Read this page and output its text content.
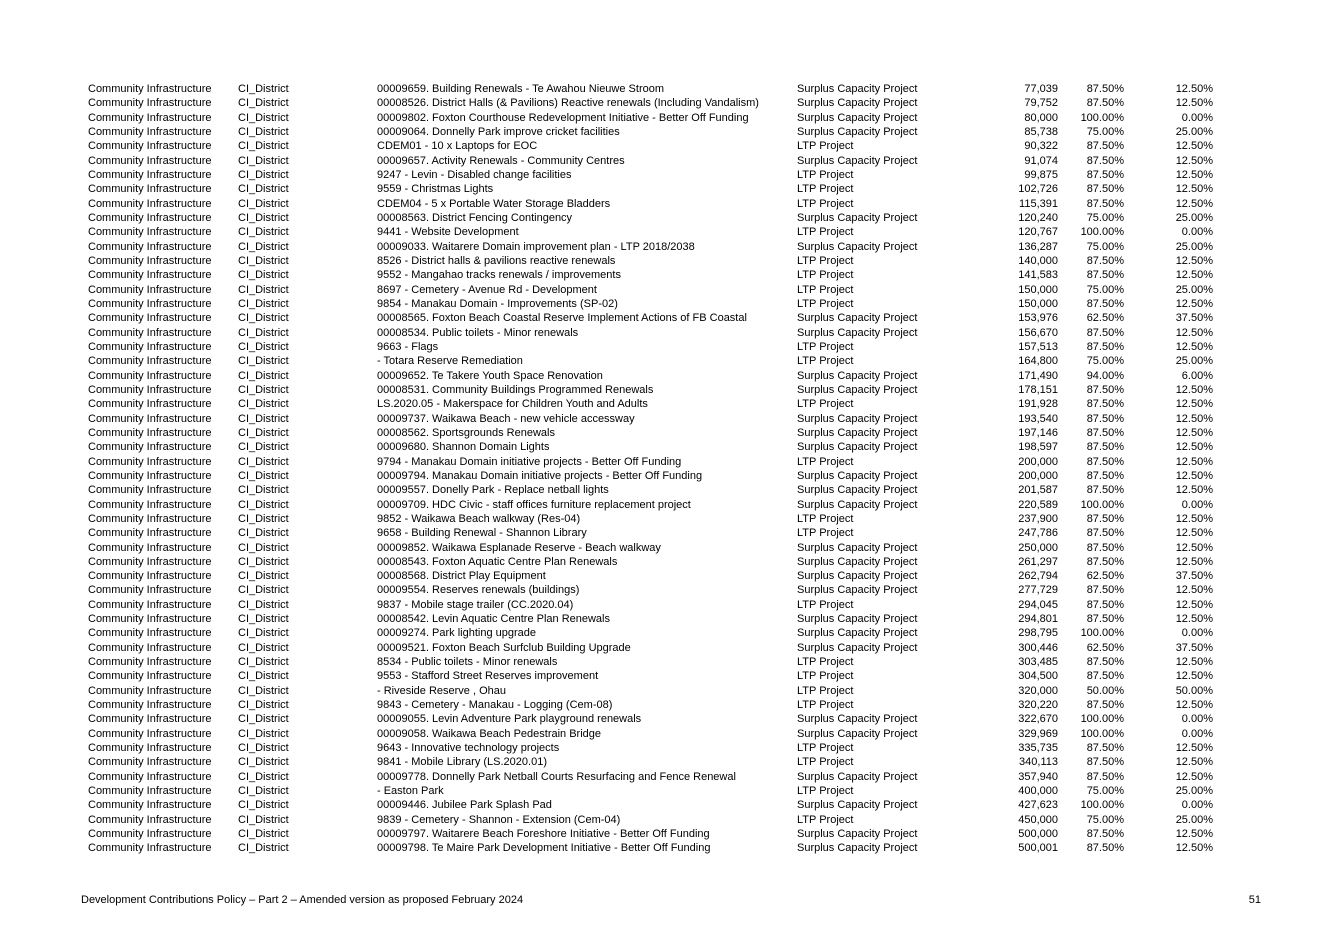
Community Infrastructure CI_District	00009659. Building Renewals - Te Awahou Nieuwe Stroom	Surplus Capacity Project	77,039	87.50%	12.50%
Community Infrastructure CI_District	00008526. District Halls (& Pavilions) Reactive renewals (Including Vandalism)	Surplus Capacity Project	79,752	87.50%	12.50%
Community Infrastructure CI_District	00009802. Foxton Courthouse Redevelopment Initiative - Better Off Funding	Surplus Capacity Project	80,000 100.00%	0.00%
Community Infrastructure CI_District	00009064. Donnelly Park improve cricket facilities	Surplus Capacity Project	85,738	75.00%	25.00%
Community Infrastructure CI_District	CDEM01 - 10 x Laptops for EOC	LTP Project	90,322	87.50%	12.50%
Community Infrastructure CI_District	00009657. Activity Renewals - Community Centres	Surplus Capacity Project	91,074	87.50%	12.50%
Community Infrastructure CI_District	9247 - Levin - Disabled change facilities	LTP Project	99,875	87.50%	12.50%
Community Infrastructure CI_District	9559 - Christmas Lights	LTP Project	102,726	87.50%	12.50%
Community Infrastructure CI_District	CDEM04 - 5 x Portable Water Storage Bladders	LTP Project	115,391	87.50%	12.50%
Community Infrastructure CI_District	00008563. District Fencing Contingency	Surplus Capacity Project	120,240	75.00%	25.00%
Community Infrastructure CI_District	9441 - Website Development	LTP Project	120,767 100.00%	0.00%
Community Infrastructure CI_District	00009033. Waitarere Domain improvement plan - LTP 2018/2038	Surplus Capacity Project	136,287	75.00%	25.00%
Community Infrastructure CI_District	8526 - District halls & pavilions reactive renewals	LTP Project	140,000	87.50%	12.50%
Community Infrastructure CI_District	9552 - Mangahao tracks renewals / improvements	LTP Project	141,583	87.50%	12.50%
Community Infrastructure CI_District	8697 - Cemetery - Avenue Rd - Development	LTP Project	150,000	75.00%	25.00%
Community Infrastructure CI_District	9854 - Manakau Domain - Improvements (SP-02)	LTP Project	150,000	87.50%	12.50%
Community Infrastructure CI_District	00008565. Foxton Beach Coastal Reserve Implement Actions of FB Coastal	Surplus Capacity Project	153,976	62.50%	37.50%
Community Infrastructure CI_District	00008534. Public toilets - Minor renewals	Surplus Capacity Project	156,670	87.50%	12.50%
Community Infrastructure CI_District	9663 - Flags	LTP Project	157,513	87.50%	12.50%
Community Infrastructure CI_District	- Totara Reserve Remediation	LTP Project	164,800	75.00%	25.00%
Community Infrastructure CI_District	00009652. Te Takere Youth Space Renovation	Surplus Capacity Project	171,490	94.00%	6.00%
Community Infrastructure CI_District	00008531. Community Buildings Programmed Renewals	Surplus Capacity Project	178,151	87.50%	12.50%
Community Infrastructure CI_District	LS.2020.05 - Makerspace for Children Youth and Adults	LTP Project	191,928	87.50%	12.50%
Community Infrastructure CI_District	00009737. Waikawa Beach - new vehicle accessway	Surplus Capacity Project	193,540	87.50%	12.50%
Community Infrastructure CI_District	00008562. Sportsgrounds Renewals	Surplus Capacity Project	197,146	87.50%	12.50%
Community Infrastructure CI_District	00009680. Shannon Domain Lights	Surplus Capacity Project	198,597	87.50%	12.50%
Community Infrastructure CI_District	9794 - Manakau Domain initiative projects - Better Off Funding	LTP Project	200,000	87.50%	12.50%
Community Infrastructure CI_District	00009794. Manakau Domain initiative projects - Better Off Funding	Surplus Capacity Project	200,000	87.50%	12.50%
Community Infrastructure CI_District	00009557. Donelly Park - Replace netball lights	Surplus Capacity Project	201,587	87.50%	12.50%
Community Infrastructure CI_District	00009709. HDC Civic - staff offices furniture replacement project	Surplus Capacity Project	220,589 100.00%	0.00%
Community Infrastructure CI_District	9852 - Waikawa Beach walkway (Res-04)	LTP Project	237,900	87.50%	12.50%
Community Infrastructure CI_District	9658 - Building Renewal - Shannon Library	LTP Project	247,786	87.50%	12.50%
Community Infrastructure CI_District	00009852. Waikawa Esplanade Reserve - Beach walkway	Surplus Capacity Project	250,000	87.50%	12.50%
Community Infrastructure CI_District	00008543. Foxton Aquatic Centre Plan Renewals	Surplus Capacity Project	261,297	87.50%	12.50%
Community Infrastructure CI_District	00008568. District Play Equipment	Surplus Capacity Project	262,794	62.50%	37.50%
Community Infrastructure CI_District	00009554. Reserves renewals (buildings)	Surplus Capacity Project	277,729	87.50%	12.50%
Community Infrastructure CI_District	9837 - Mobile stage trailer (CC.2020.04)	LTP Project	294,045	87.50%	12.50%
Community Infrastructure CI_District	00008542. Levin Aquatic Centre Plan Renewals	Surplus Capacity Project	294,801	87.50%	12.50%
Community Infrastructure CI_District	00009274. Park lighting upgrade	Surplus Capacity Project	298,795 100.00%	0.00%
Community Infrastructure CI_District	00009521. Foxton Beach Surfclub Building Upgrade	Surplus Capacity Project	300,446	62.50%	37.50%
Community Infrastructure CI_District	8534 - Public toilets - Minor renewals	LTP Project	303,485	87.50%	12.50%
Community Infrastructure CI_District	9553 - Stafford Street Reserves improvement	LTP Project	304,500	87.50%	12.50%
Community Infrastructure CI_District	- Riveside Reserve , Ohau	LTP Project	320,000	50.00%	50.00%
Community Infrastructure CI_District	9843 - Cemetery - Manakau - Logging (Cem-08)	LTP Project	320,220	87.50%	12.50%
Community Infrastructure CI_District	00009055. Levin Adventure Park playground renewals	Surplus Capacity Project	322,670 100.00%	0.00%
Community Infrastructure CI_District	00009058. Waikawa Beach Pedestrain Bridge	Surplus Capacity Project	329,969 100.00%	0.00%
Community Infrastructure CI_District	9643 - Innovative technology projects	LTP Project	335,735	87.50%	12.50%
Community Infrastructure CI_District	9841 - Mobile Library (LS.2020.01)	LTP Project	340,113	87.50%	12.50%
Community Infrastructure CI_District	00009778. Donnelly Park Netball Courts Resurfacing and Fence Renewal	Surplus Capacity Project	357,940	87.50%	12.50%
Community Infrastructure CI_District	- Easton Park	LTP Project	400,000	75.00%	25.00%
Community Infrastructure CI_District	00009446. Jubilee Park Splash Pad	Surplus Capacity Project	427,623 100.00%	0.00%
Community Infrastructure CI_District	9839 - Cemetery - Shannon - Extension (Cem-04)	LTP Project	450,000	75.00%	25.00%
Community Infrastructure CI_District	00009797. Waitarere Beach Foreshore Initiative - Better Off Funding	Surplus Capacity Project	500,000	87.50%	12.50%
Community Infrastructure CI_District	00009798. Te Maire Park Development Initiative - Better Off Funding	Surplus Capacity Project	500,001	87.50%	12.50%
Development Contributions Policy – Part 2 – Amended version as proposed February 2024	51
